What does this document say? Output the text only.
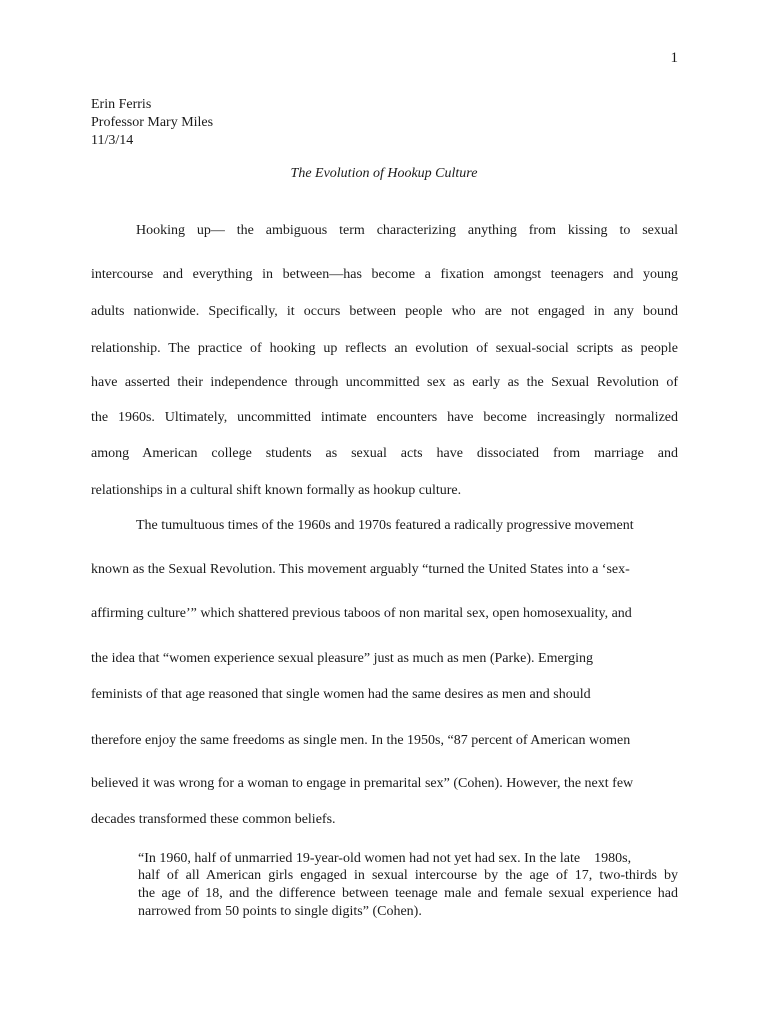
1
Erin Ferris
Professor Mary Miles
11/3/14
The Evolution of Hookup Culture
Hooking up— the ambiguous term characterizing anything from kissing to sexual
intercourse and everything in between—has become a fixation amongst teenagers and young
adults nationwide. Specifically, it occurs between people who are not engaged in any bound
relationship. The practice of hooking up reflects an evolution of sexual-social scripts as people
have asserted their independence through uncommitted sex as early as the Sexual Revolution of
the 1960s. Ultimately, uncommitted intimate encounters have become increasingly normalized
among American college students as sexual acts have dissociated from marriage and
relationships in a cultural shift known formally as hookup culture.
The tumultuous times of the 1960s and 1970s featured a radically progressive movement
known as the Sexual Revolution. This movement arguably “turned the United States into a ‘sex-
affirming culture’” which shattered previous taboos of non marital sex, open homosexuality, and
the idea that “women experience sexual pleasure” just as much as men (Parke). Emerging
feminists of that age reasoned that single women had the same desires as men and should
therefore enjoy the same freedoms as single men. In the 1950s, “87 percent of American women
believed it was wrong for a woman to engage in premarital sex” (Cohen). However, the next few
decades transformed these common beliefs.
“In 1960, half of unmarried 19-year-old women had not yet had sex. In the late    1980s,
half of all American girls engaged in sexual intercourse by the age of 17, two-thirds by
the age of 18, and the difference between teenage male and female sexual experience had
narrowed from 50 points to single digits” (Cohen).
